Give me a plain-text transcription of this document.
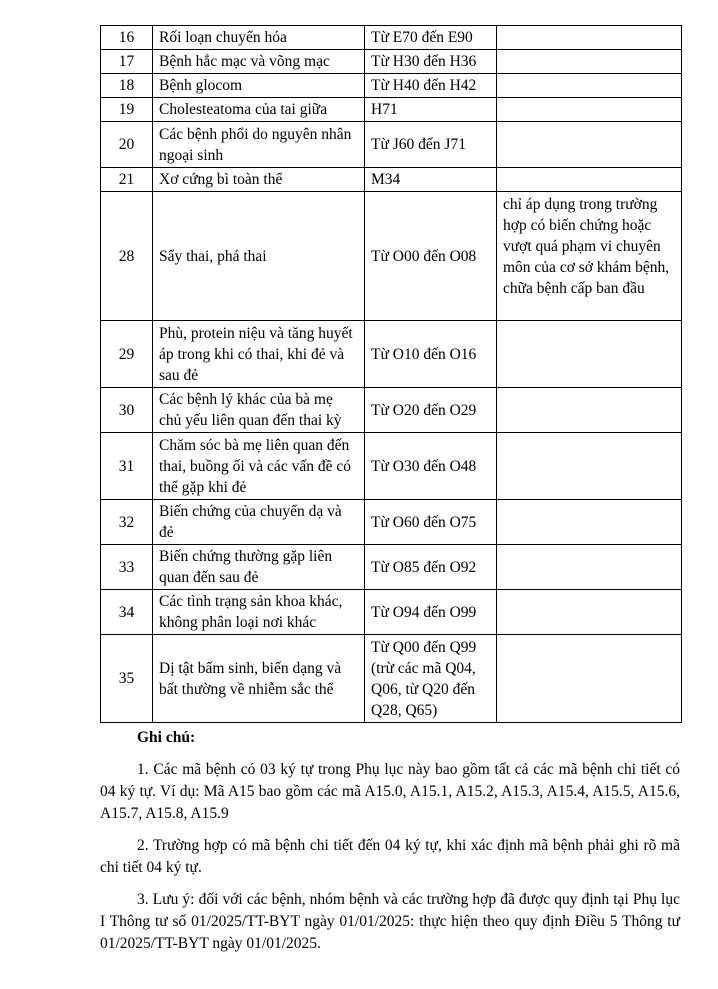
16	Rối loạn chuyển hóa	Từ E70 đến E90	
17	Bệnh hắc mạc và võng mạc	Từ H30 đến H36	
18	Bệnh glocom	Từ H40 đến H42	
19	Cholesteatoma của tai giữa	H71	
20	Các bệnh phổi do nguyên nhân ngoại sinh	Từ J60 đến J71	
21	Xơ cứng bì toàn thể	M34	
28	Sẩy thai, phá thai	Từ O00 đến O08	chỉ áp dụng trong trường hợp có biến chứng hoặc vượt quá phạm vi chuyên môn của cơ sở khám bệnh, chữa bệnh cấp ban đầu
29	Phù, protein niệu và tăng huyết áp trong khi có thai, khi đẻ và sau đẻ	Từ O10 đến O16	
30	Các bệnh lý khác của bà mẹ chủ yếu liên quan đến thai kỳ	Từ O20 đến O29	
31	Chăm sóc bà mẹ liên quan đến thai, buồng ối và các vấn đề có thể gặp khi đẻ	Từ O30 đến O48	
32	Biến chứng của chuyển dạ và đẻ	Từ O60 đến O75	
33	Biến chứng thường gặp liên quan đến sau đẻ	Từ O85 đến O92	
34	Các tình trạng sản khoa khác, không phân loại nơi khác	Từ O94 đến O99	
35	Dị tật bẩm sinh, biến dạng và bất thường về nhiễm sắc thể	Từ Q00 đến Q99 (trừ các mã Q04, Q06, từ Q20 đến Q28, Q65)	
Ghi chú:

1. Các mã bệnh có 03 ký tự trong Phụ lục này bao gồm tất cả các mã bệnh chi tiết có 04 ký tự. Ví dụ: Mã A15 bao gồm các mã A15.0, A15.1, A15.2, A15.3, A15.4, A15.5, A15.6, A15.7, A15.8, A15.9

2. Trường hợp có mã bệnh chi tiết đến 04 ký tự, khi xác định mã bệnh phải ghi rõ mã chi tiết 04 ký tự.

3. Lưu ý: đối với các bệnh, nhóm bệnh và các trường hợp đã được quy định tại Phụ lục I Thông tư số 01/2025/TT-BYT ngày 01/01/2025: thực hiện theo quy định Điều 5 Thông tư 01/2025/TT-BYT ngày 01/01/2025.
